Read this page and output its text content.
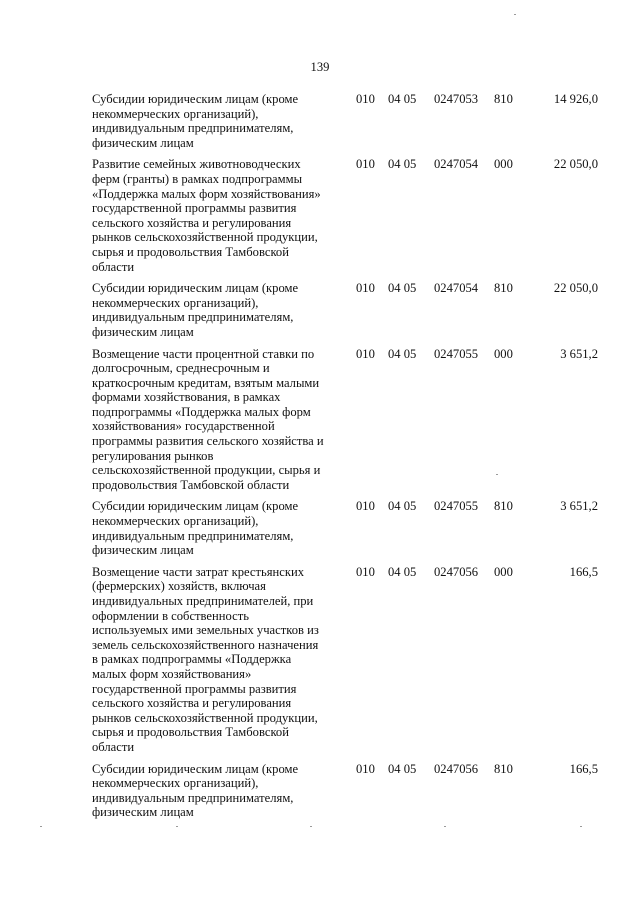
139
Субсидии юридическим лицам (кроме
некоммерческих организаций),
индивидуальным предпринимателям,
физическим лицам
010	04 05	0247053	810	14 926,0
Развитие семейных животноводческих
ферм (гранты) в рамках подпрограммы
«Поддержка малых форм хозяйствования»
государственной программы развития
сельского хозяйства и регулирования
рынков сельскохозяйственной продукции,
сырья и продовольствия Тамбовской
области
010	04 05	0247054	000	22 050,0
Субсидии юридическим лицам (кроме
некоммерческих организаций),
индивидуальным предпринимателям,
физическим лицам
010	04 05	0247054	810	22 050,0
Возмещение части процентной ставки по
долгосрочным, среднесрочным и
краткосрочным кредитам, взятым малыми
формами хозяйствования, в рамках
подпрограммы «Поддержка малых форм
хозяйствования» государственной
программы развития сельского хозяйства и
регулирования рынков
сельскохозяйственной продукции, сырья и
продовольствия Тамбовской области
010	04 05	0247055	000	3 651,2
Субсидии юридическим лицам (кроме
некоммерческих организаций),
индивидуальным предпринимателям,
физическим лицам
010	04 05	0247055	810	3 651,2
Возмещение части затрат крестьянских
(фермерских) хозяйств, включая
индивидуальных предпринимателей, при
оформлении в собственность
используемых ими земельных участков из
земель сельскохозяйственного назначения
в рамках подпрограммы «Поддержка
малых форм хозяйствования»
государственной программы развития
сельского хозяйства и регулирования
рынков сельскохозяйственной продукции,
сырья и продовольствия Тамбовской
области
010	04 05	0247056	000	166,5
Субсидии юридическим лицам (кроме
некоммерческих организаций),
индивидуальным предпринимателям,
физическим лицам
010	04 05	0247056	810	166,5
